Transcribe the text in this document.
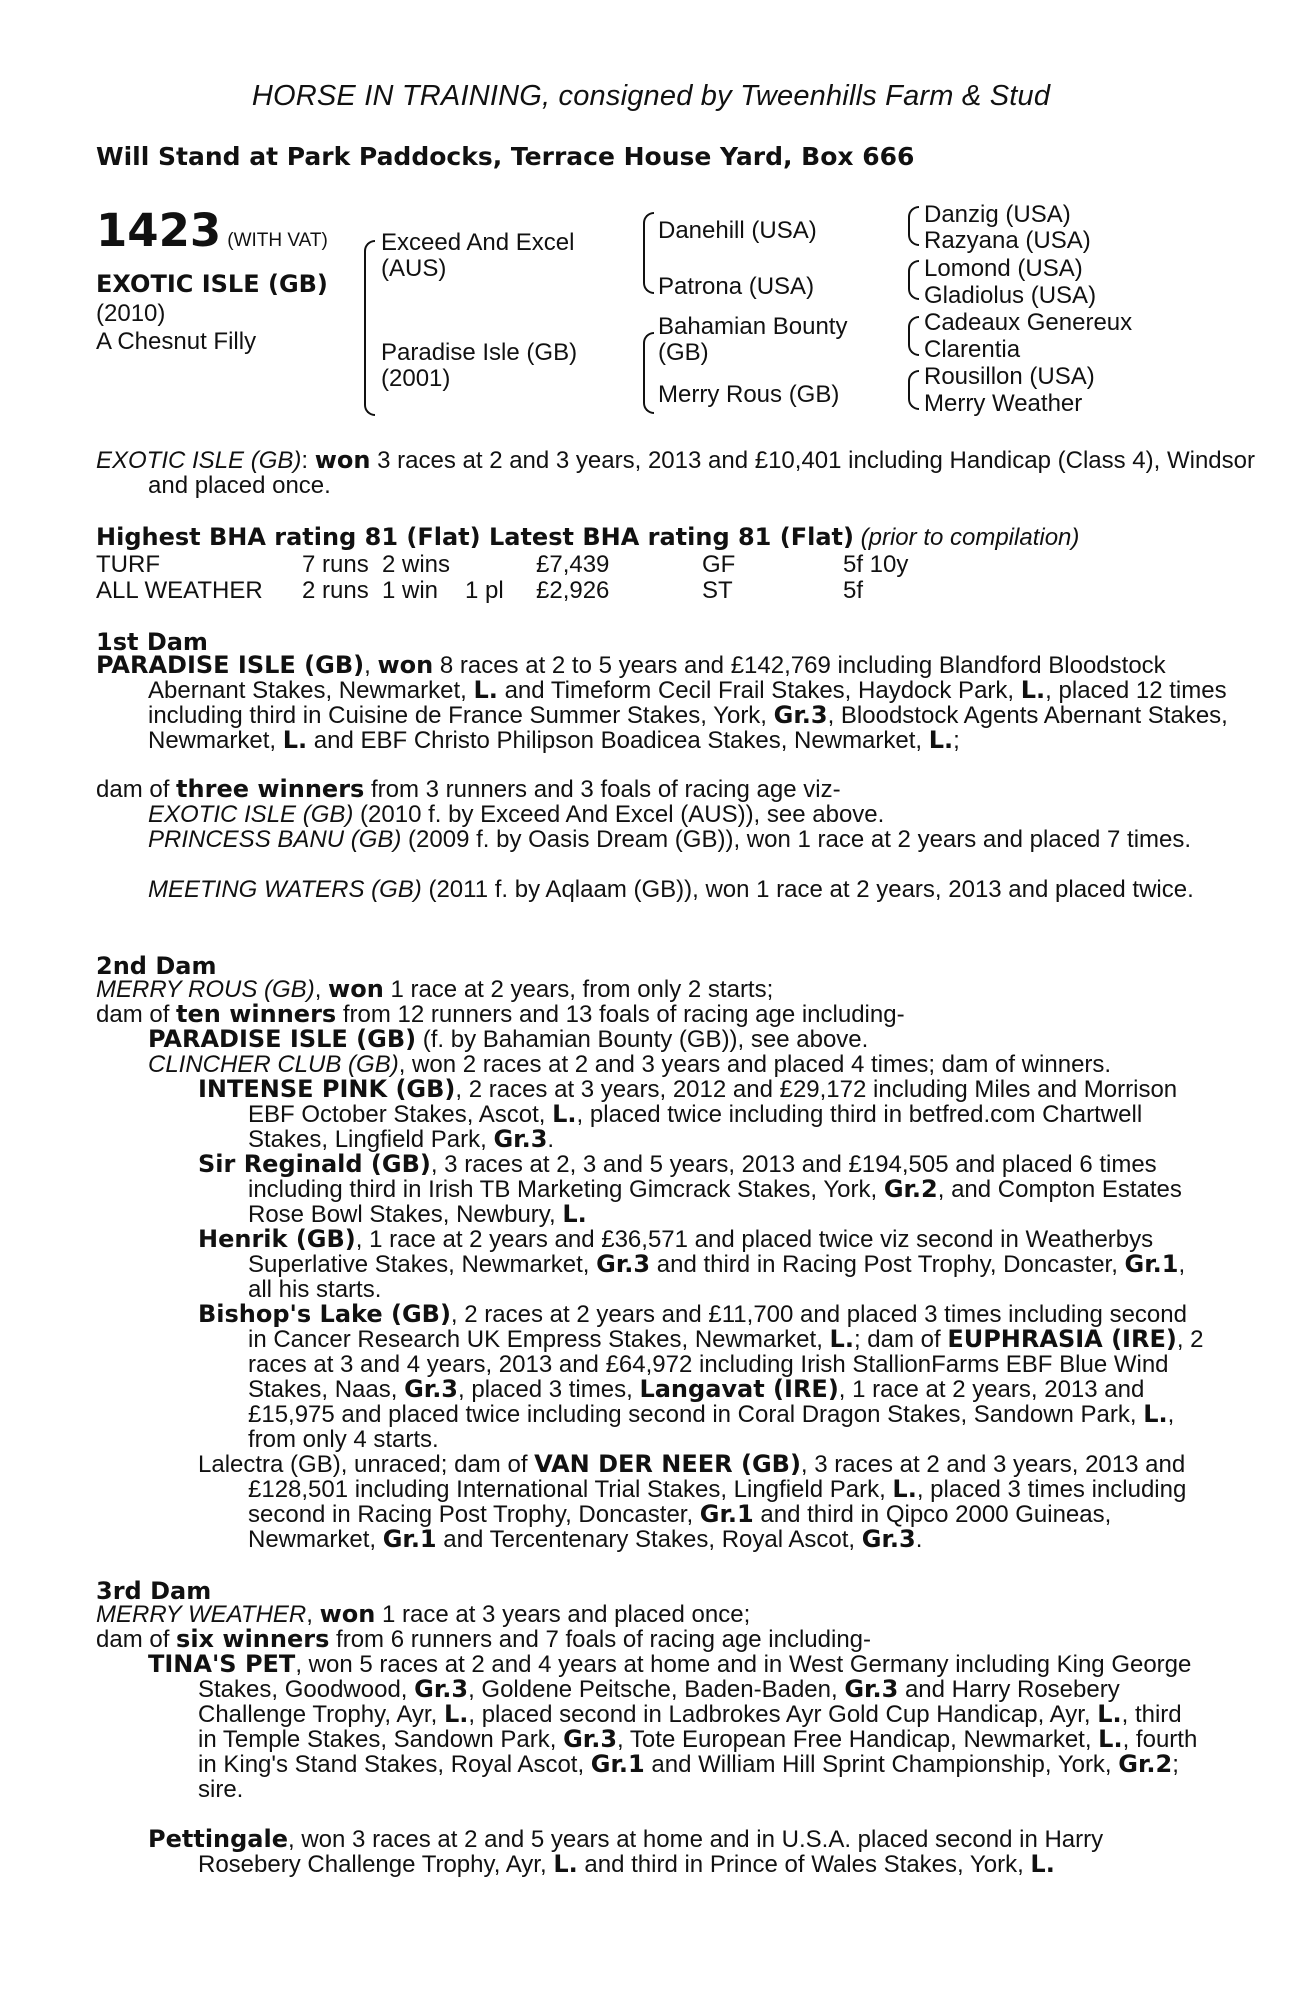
HORSE IN TRAINING, consigned by Tweenhills Farm & Stud
Will Stand at Park Paddocks, Terrace House Yard, Box 666
1423 (WITH VAT)
EXOTIC ISLE (GB)
(2010)
A Chesnut Filly
Exceed And Excel (AUS)
Paradise Isle (GB) (2001)
Danehill (USA)
Patrona (USA)
Bahamian Bounty (GB)
Merry Rous (GB)
Danzig (USA)
Razyana (USA)
Lomond (USA)
Gladiolus (USA)
Cadeaux Genereux
Clarentia
Rousillon (USA)
Merry Weather
EXOTIC ISLE (GB): won 3 races at 2 and 3 years, 2013 and £10,401 including Handicap (Class 4), Windsor and placed once.
Highest BHA rating 81 (Flat) Latest BHA rating 81 (Flat) (prior to compilation)
TURF	7 runs 2 wins	£7,439	GF	5f 10y
ALL WEATHER 2 runs 1 win 1 pl £2,926	ST	5f
1st Dam
PARADISE ISLE (GB), won 8 races at 2 to 5 years and £142,769 including Blandford Bloodstock Abernant Stakes, Newmarket, L. and Timeform Cecil Frail Stakes, Haydock Park, L., placed 12 times including third in Cuisine de France Summer Stakes, York, Gr.3, Bloodstock Agents Abernant Stakes, Newmarket, L. and EBF Christo Philipson Boadicea Stakes, Newmarket, L.;
dam of three winners from 3 runners and 3 foals of racing age viz-
EXOTIC ISLE (GB) (2010 f. by Exceed And Excel (AUS)), see above.
PRINCESS BANU (GB) (2009 f. by Oasis Dream (GB)), won 1 race at 2 years and placed 7 times.
MEETING WATERS (GB) (2011 f. by Aqlaam (GB)), won 1 race at 2 years, 2013 and placed twice.
2nd Dam
MERRY ROUS (GB), won 1 race at 2 years, from only 2 starts;
dam of ten winners from 12 runners and 13 foals of racing age including-
PARADISE ISLE (GB) (f. by Bahamian Bounty (GB)), see above.
CLINCHER CLUB (GB), won 2 races at 2 and 3 years and placed 4 times; dam of winners.
INTENSE PINK (GB), 2 races at 3 years, 2012 and £29,172 including Miles and Morrison EBF October Stakes, Ascot, L., placed twice including third in betfred.com Chartwell Stakes, Lingfield Park, Gr.3.
Sir Reginald (GB), 3 races at 2, 3 and 5 years, 2013 and £194,505 and placed 6 times including third in Irish TB Marketing Gimcrack Stakes, York, Gr.2, and Compton Estates Rose Bowl Stakes, Newbury, L.
Henrik (GB), 1 race at 2 years and £36,571 and placed twice viz second in Weatherbys Superlative Stakes, Newmarket, Gr.3 and third in Racing Post Trophy, Doncaster, Gr.1, all his starts.
Bishop's Lake (GB), 2 races at 2 years and £11,700 and placed 3 times including second in Cancer Research UK Empress Stakes, Newmarket, L.; dam of EUPHRASIA (IRE), 2 races at 3 and 4 years, 2013 and £64,972 including Irish StallionFarms EBF Blue Wind Stakes, Naas, Gr.3, placed 3 times, Langavat (IRE), 1 race at 2 years, 2013 and £15,975 and placed twice including second in Coral Dragon Stakes, Sandown Park, L., from only 4 starts.
Lalectra (GB), unraced; dam of VAN DER NEER (GB), 3 races at 2 and 3 years, 2013 and £128,501 including International Trial Stakes, Lingfield Park, L., placed 3 times including second in Racing Post Trophy, Doncaster, Gr.1 and third in Qipco 2000 Guineas, Newmarket, Gr.1 and Tercentenary Stakes, Royal Ascot, Gr.3.
3rd Dam
MERRY WEATHER, won 1 race at 3 years and placed once;
dam of six winners from 6 runners and 7 foals of racing age including-
TINA'S PET, won 5 races at 2 and 4 years at home and in West Germany including King George Stakes, Goodwood, Gr.3, Goldene Peitsche, Baden-Baden, Gr.3 and Harry Rosebery Challenge Trophy, Ayr, L., placed second in Ladbrokes Ayr Gold Cup Handicap, Ayr, L., third in Temple Stakes, Sandown Park, Gr.3, Tote European Free Handicap, Newmarket, L., fourth in King's Stand Stakes, Royal Ascot, Gr.1 and William Hill Sprint Championship, York, Gr.2; sire.
Pettingale, won 3 races at 2 and 5 years at home and in U.S.A. placed second in Harry Rosebery Challenge Trophy, Ayr, L. and third in Prince of Wales Stakes, York, L.
